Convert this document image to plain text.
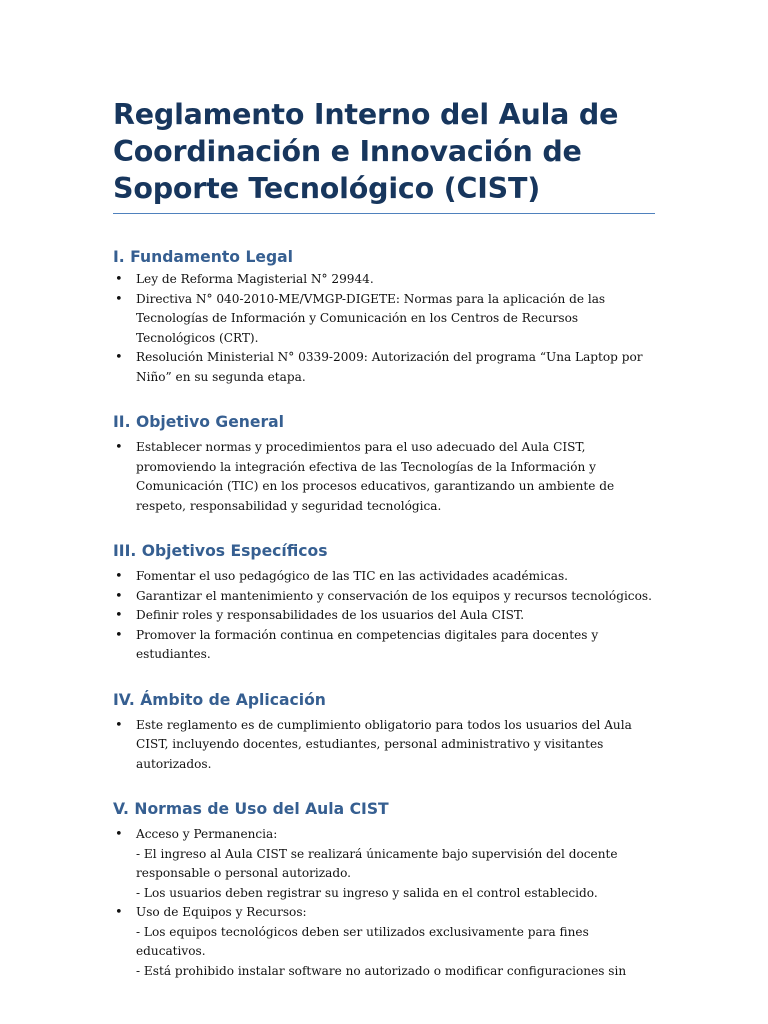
Reglamento Interno del Aula de Coordinación e Innovación de Soporte Tecnológico (CIST)
I. Fundamento Legal
• Ley de Reforma Magisterial N° 29944.
• Directiva N° 040-2010-ME/VMGP-DIGETE: Normas para la aplicación de las Tecnologías de Información y Comunicación en los Centros de Recursos Tecnológicos (CRT).
• Resolución Ministerial N° 0339-2009: Autorización del programa “Una Laptop por Niño” en su segunda etapa.
II. Objetivo General
• Establecer normas y procedimientos para el uso adecuado del Aula CIST, promoviendo la integración efectiva de las Tecnologías de la Información y Comunicación (TIC) en los procesos educativos, garantizando un ambiente de respeto, responsabilidad y seguridad tecnológica.
III. Objetivos Específicos
• Fomentar el uso pedagógico de las TIC en las actividades académicas.
• Garantizar el mantenimiento y conservación de los equipos y recursos tecnológicos.
• Definir roles y responsabilidades de los usuarios del Aula CIST.
• Promover la formación continua en competencias digitales para docentes y estudiantes.
IV. Ámbito de Aplicación
• Este reglamento es de cumplimiento obligatorio para todos los usuarios del Aula CIST, incluyendo docentes, estudiantes, personal administrativo y visitantes autorizados.
V. Normas de Uso del Aula CIST
• Acceso y Permanencia:
- El ingreso al Aula CIST se realizará únicamente bajo supervisión del docente responsable o personal autorizado.
- Los usuarios deben registrar su ingreso y salida en el control establecido.
• Uso de Equipos y Recursos:
- Los equipos tecnológicos deben ser utilizados exclusivamente para fines educativos.
- Está prohibido instalar software no autorizado o modificar configuraciones sin
